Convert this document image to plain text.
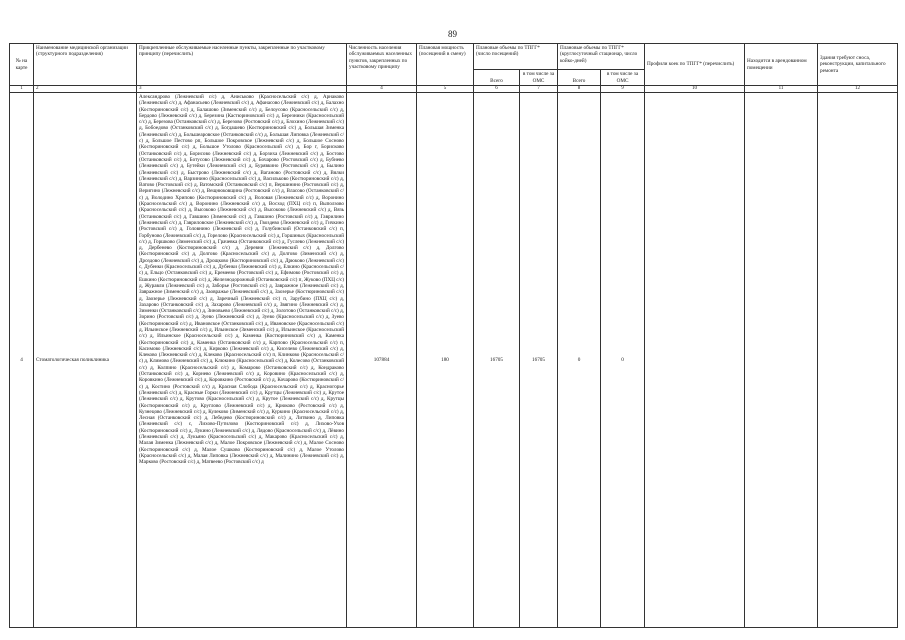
89
№ на карте	Наименование медицинской организации (структурного подразделения)	Прикрепленные обслуживаемые населенные пункты, закрепленные по участковому принципу (перечислить)	Численность населения обслуживаемых населенных пунктов, закрепленных по участковому принципу	Плановая мощность (посещений в смену)	Плановые объемы по ТПГГ* (число посещений)		Плановые объемы по ТПГГ* (круглосуточный стационар, число койко-дней)		Профили коек по ТПГГ* (перечислить)	Находится в арендованном помещении	Здания требуют сноса, реконструкции, капитального ремонта
					Всего	в том числе за ОМС	Всего	в том числе за ОМС			
1	2	3	4	5	6	7	8	9	10	11	12
4	Стоматологическая поликлиника	Александрово (Лежневский с/с) д, Аниськово (Красносельский с/с) д, Арнаково (Лежневский с/с) д, Афанасьево (Лежневский с/с) д, Афанасово (Лежневский с/с) д, Балахно (Костюриновский с/с) д, Балашово (Зименский с/с) д, Белоусово (Красносельский с/с) д, Бердово (Лежневский с/с) д, Березина (Кастюриновский с/с) д, Березники (Красносельский с/с) д, Березова (Останковский с/с) д, Березово (Ростовский с/с) д, Блохино (Лежневский с/с) д, Бобоедово (Останковский с/с) д, Богдашево (Костюриновский с/с) д, Большая Зименка (Лежневский с/с) д, Большеаровское (Останковский с/с) д, Большая Липовка (Лежневский с/с) д, Большое Пестово рп, Большое Покровское (Лежневский с/с) д, Большое Сосново (Костюриновский с/с) д, Большое Утолово (Красносельский с/с) д, Бор г, Борисково (Останковский с/с) д, Борисово (Лежневский с/с) д, Борзиха (Лежневский с/с) д, Бостово (Останковский с/с) д, Ботусово (Лежневский с/с) д, Бочарово (Ростовский с/с) д, Бубнево (Лежневский с/с) д, Бутейки (Лежневский с/с) д, Бурявкино (Ростовский с/с) д, Былино (Лежневский с/с) д, Быстрово (Лежневский с/с) д, Ваганово (Ростовский с/с) д, Вялки (Лежневский с/с) д, Варзинино (Красносельский с/с) д, Васильково (Костюриновский с/с) д, Ватово (Ростовский с/с) д, Ватомский (Останковский с/с) п, Вершинино (Ростовский с/с) д, Веригино (Лежневский с/с) д, Вещнюковщина (Ростовский с/с) д, Власово (Останковский с/с) д, Володино Хрипово (Костюриновский с/с) д, Воловая (Лежневский с/с) д, Воронино (Красносельский с/с) д, Воронино (Лежневский с/с) д, Восход (ПХЦ с/с) п, Выползово (Красносельский с/с) д, Высоково (Лежневский с/с) д, Высоково (Лежневский с/с) д, Вязь (Останковский с/с) д, Гавшино (Зименский с/с) д, Гавшино (Ростовский с/с) д, Гаврилино (Лежневский с/с) д, Гавриловское (Лежневский с/с) д, Гвоздево (Лежневский с/с) д, Гичкино (Ростовский с/с) д, Головнино (Лежневский с/с) д, Голубинский (Останковский с/с) п, Горбуново (Лежневский с/с) д, Горелово (Красносельский с/с) д, Горшиных (Красносельский с/с) д, Горшково (Зименский с/с) д, Грачевка (Останковский с/с) д, Гуслево (Лежневский с/с) д, Дербенево (Костюриновский с/с) д, Деревни (Лежневский с/с) д, Долгово (Костюриновский с/с) д, Долгово (Красносельский с/с) д, Долгово (Зименский с/с) д, Дроздово (Лежневский с/с) д, Дрощково (Костюриновский с/с) д, Дрюково (Лежневский с/с) с, Дубенки (Красносельский с/с) д, Дубенки (Лежневский с/с) д, Елкино (Красносельский с/с) д, Ельцо (Останковский с/с) д, Еремеево (Ростовский с/с) д, Ефимово (Ростовский с/с) д, Ешкино (Костюриновский с/с) д, Железнодорожный (Останковский с/с) п, Жуково (ПХЦ с/с) д, Журавли (Лежневский с/с) д, Заборье (Ростовский с/с) д, Завражное (Лежневский с/с) д, Завражное (Зименский с/с) д, Заовражье (Лежневский с/с) д, Заозерье (Костюриновский с/с) д, Заозерье (Лежневский с/с) д, Заречный (Лежневский с/с) п, Зарубино (ПХЦ с/с) д, Захарово (Останковский с/с) д, Захарово (Лежневский с/с) д, Звягино (Лежневский с/с) д, Зименки (Останковский с/с) д, Зиновьево (Лежневский с/с) д, Золотово (Останковский с/с) д, Зорино (Ростовский с/с) д, Зуево (Лежневский с/с) д, Зуево (Красносельский с/с) д, Зуево (Костюриновский с/с) д, Ивановское (Останковский с/с) д, Ивановское (Красносельский с/с) д, Ильинское (Лежневский с/с) д, Ильинское (Зименский с/с) д, Ильинское (Красносельский с/с) д, Ильинское (Красносельский с/с) д, Каменка (Костюриновский с/с) д, Каменка (Костюриновский с/с) д, Каменка (Останковский с/с) д, Карпово (Красносельский с/с) п, Касимово (Лежневский с/с) д, Кирково (Лежневский с/с) д, Киселево (Лежневский с/с) д, Клеково (Лежневский с/с) д, Клеково (Красносельский с/с) п, Клинково (Красносельский с/с) д, Климово (Лежневский с/с) д, Клюкино (Красносельский с/с) д, Колесово (Останковский с/с) д, Колпино (Красносельский с/с) д, Комарово (Останковский с/с) д, Кондраково (Останковский с/с) д, Корнево (Лежневский с/с) д, Коровино (Красносельский с/с) д, Коровкино (Лежневский с/с) д, Коровкино (Ростовский с/с) д, Кочарово (Костюриновский с/с) д, Костино (Ростовский с/с) д, Красная Слобода (Красносельский с/с) д, Красногорье (Лежневский с/с) д, Красные Горки (Лежневский с/с) д, Крутцы (Лежневский с/с) д, Крутое (Лежневский с/с) д, Крутово (Красносельский с/с) д, Крутое (Лежневский с/с) д, Крутцы (Костюриновский с/с) д, Круглово (Лежневский с/с) д, Крюково (Ростовский с/с) д, Кузнецово (Лежневский с/с) д, Кулеково (Зименский с/с) д, Куркино (Красносельский с/с) д, Лесная (Останковский с/с) д, Лебедево (Костюриновский с/с) д, Литвино д, Липовка (Лежневский с/с) с, Лихово-Путилово (Костюриновский с/с) д, Лихово-Ухов (Костюриновский с/с) д, Лукино (Лежневский с/с) д, Лядово (Красносельский с/с) д, Лёвино (Лежневский с/с) д, Лукьяно (Красносельский с/с) д, Макарово (Красносельский с/с) д, Малая Зименка (Лежневский с/с) д, Малое Покровское (Лежневский с/с) д, Малое Сосново (Костюриновский с/с) д, Малое Сушково (Костюриновский с/с) д, Малое Утолово (Красносельский с/с) д, Малая Липовка (Лежневский с/с) д, Малинино (Лежневский с/с) д, Марково (Ростовский с/с) д, Матвеево (Ростовский с/с) д	107884	180	16705	16705	0	0			
